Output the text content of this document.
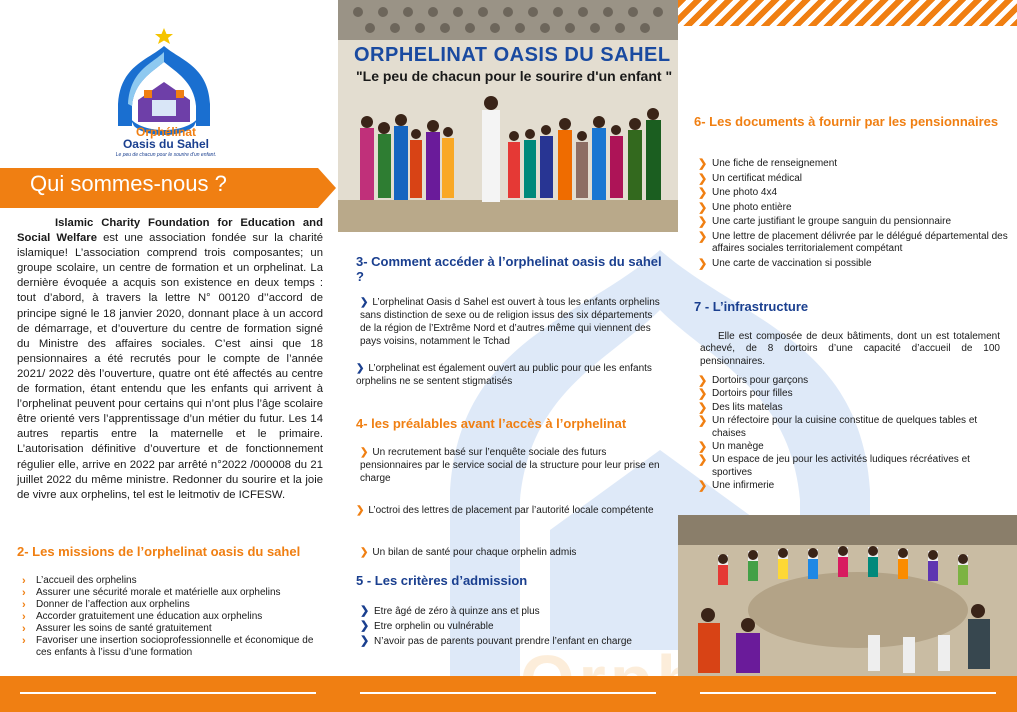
Orphélinat
Oasis du Sahel
Le peu de chacun pour le sourire d'un enfant.
Qui sommes-nous ?

Islamic Charity Foundation for Education and Social Welfare est une association fondée sur la charité islamique! L’association comprend trois composantes; un groupe scolaire, un centre de formation et un orphelinat. La dernière évoquée a acquis son existence en deux temps : tout d’abord, à travers la lettre N° 00120 d’’accord de principe signé le 18 janvier 2020, donnant place à un accord de démarrage, et d’ouverture du centre de formation signé du Ministre des affaires sociales. C’est ainsi que 18 pensionnaires a été recrutés pour le compte de l’année 2021/ 2022 dès l’ouverture, quatre ont été affectés au centre de formation, étant entendu que les enfants qui arrivent à l’orphelinat peuvent pour certains qui n’ont plus l’âge scolaire être orienté vers l’apprentissage d’un métier du futur. Les 14 autres repartis entre la maternelle et le primaire. L’autorisation définitive d’ouverture et de fonctionnement régulier elle, arrive en 2022 par arrêté n°2022 /000008 du 21 juillet 2022 du même ministre. Redonner du sourire et la joie de vivre aux orphelins, tel est le leitmotiv de ICFESW.

2- Les missions de l’orphelinat oasis du sahel
› L’accueil des orphelins
› Assurer une sécurité morale et matérielle aux orphelins
› Donner de l’affection aux orphelins
› Accorder gratuitement une éducation aux orphelins
› Assurer les soins de santé gratuitement
› Favoriser une insertion socioprofessionnelle et économique de ces enfants à l’issu d’une formation
ORPHELINAT OASIS DU SAHEL
"Le peu de chacun pour le sourire d'un enfant "
3- Comment accéder à l’orphelinat oasis du sahel ?

❯ L’orphelinat Oasis d Sahel est ouvert à tous les enfants orphelins sans distinction de sexe ou de religion issus des six départements de la région de l’Extrême Nord et d’autres même qui viennent des pays voisins, notamment le Tchad

❯ L’orphelinat est également ouvert au public pour que les enfants orphelins ne se sentent stigmatisés

4- les préalables avant l’accès à l’orphelinat

❯ Un recrutement basé sur l’enquête sociale des futurs pensionnaires par le service social de la structure pour leur prise en charge

❯ L’octroi des lettres de placement par l’autorité locale compétente

❯ Un bilan de santé pour chaque orphelin admis

5 - Les critères d’admission
❯ Etre âgé de zéro à quinze ans et plus
❯ Etre orphelin ou vulnérable
❯ N’avoir pas de parents pouvant prendre l’enfant en charge
6- Les documents à fournir par les pensionnaires
❯ Une fiche de renseignement
❯ Un certificat médical
❯ Une photo 4x4
❯ Une photo entière
❯ Une carte justifiant le groupe sanguin du pensionnaire
❯ Une lettre de placement délivrée par le délégué départemental des affaires sociales territorialement compétant
❯ Une carte de vaccination si possible
7 - L’infrastructure

Elle est composée de deux bâtiments, dont un est totalement achevé, de 8 dortoirs d’une capacité d’accueil de 100 pensionnaires.

❯ Dortoirs pour garçons
❯ Dortoirs pour filles
❯ Des lits matelas
❯ Un réfectoire pour la cuisine constitue de quelques tables et chaises
❯ Un manège
❯ Un espace de jeu pour les activités ludiques récréatives et sportives
❯ Une infirmerie
